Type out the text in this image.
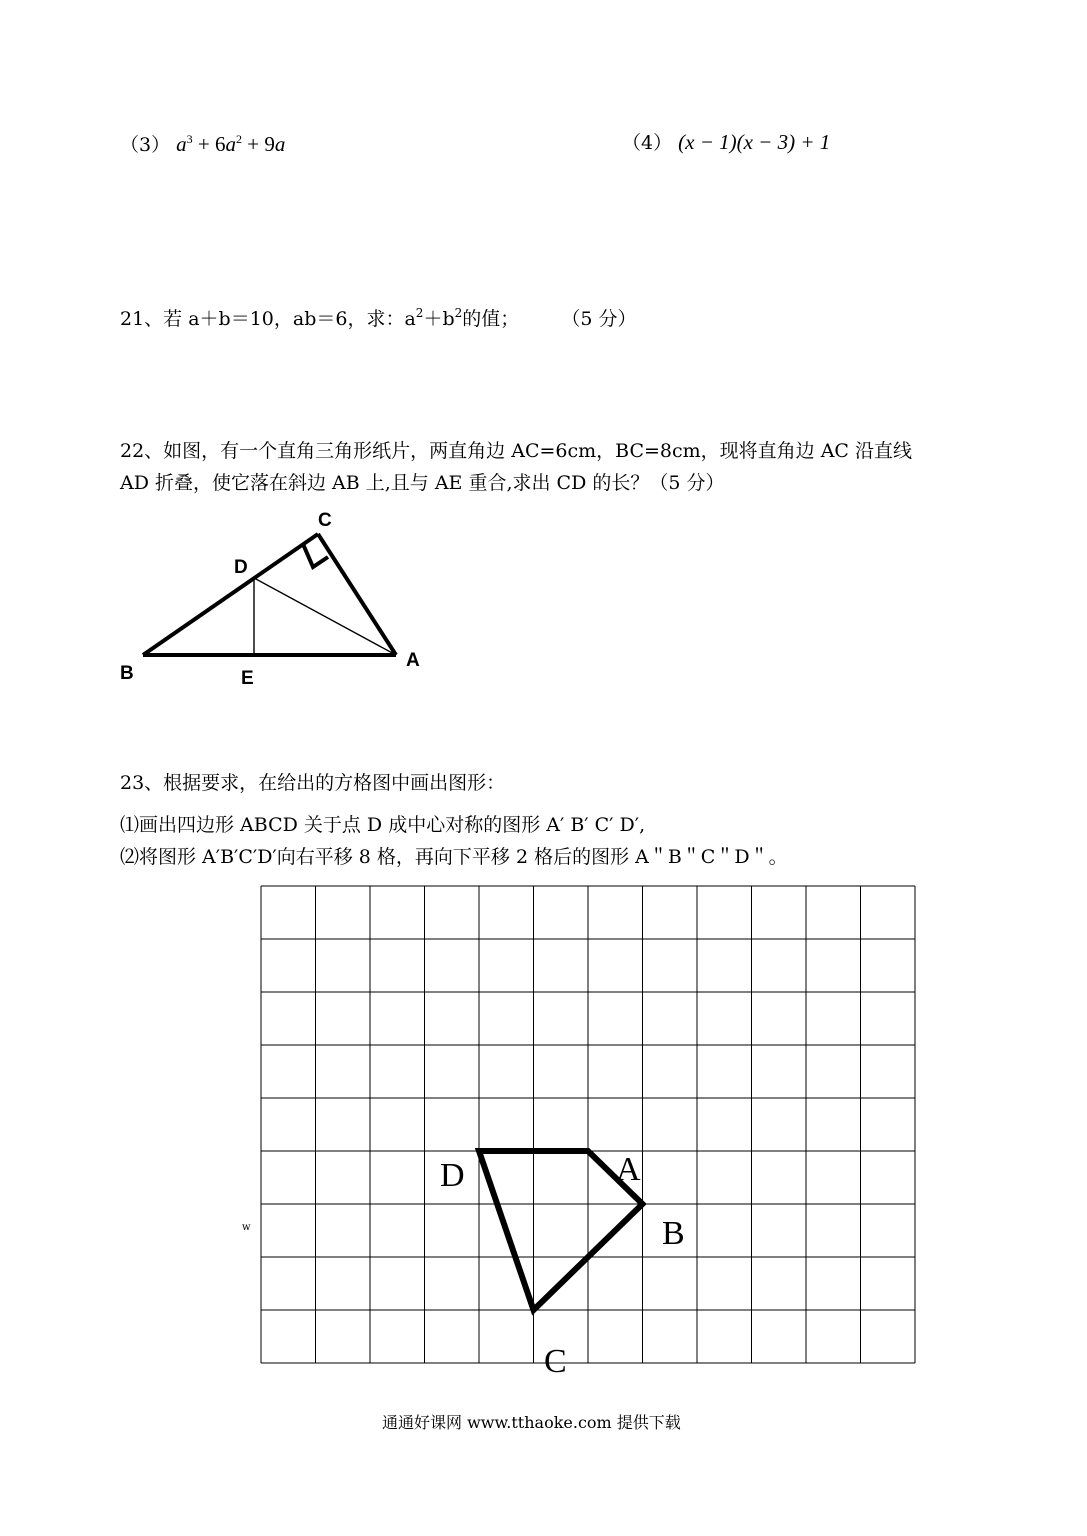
（3） $a^3 + 6a^2 + 9a$	（4） (x − 1)(x − 3) + 1
21、若 a＋b＝10，ab＝6，求：$a^2+b^2$的值； （5 分）
22、如图，有一个直角三角形纸片，两直角边 AC=6cm，BC=8cm，现将直角边 AC 沿直线
AD 折叠，使它落在斜边 AB 上,且与 AE 重合,求出 CD 的长？（5 分）
C
D
B	E
A
23、根据要求，在给出的方格图中画出图形：
⑴画出四边形 ABCD 关于点 D 成中心对称的图形 A′ B′ C′ D′,
⑵将图形 A′B′C′D′向右平移 8 格，再向下平移 2 格后的图形 A＂B＂C＂D＂。
w
D	A
B
C
通通好课网 www.tthaoke.com 提供下载
